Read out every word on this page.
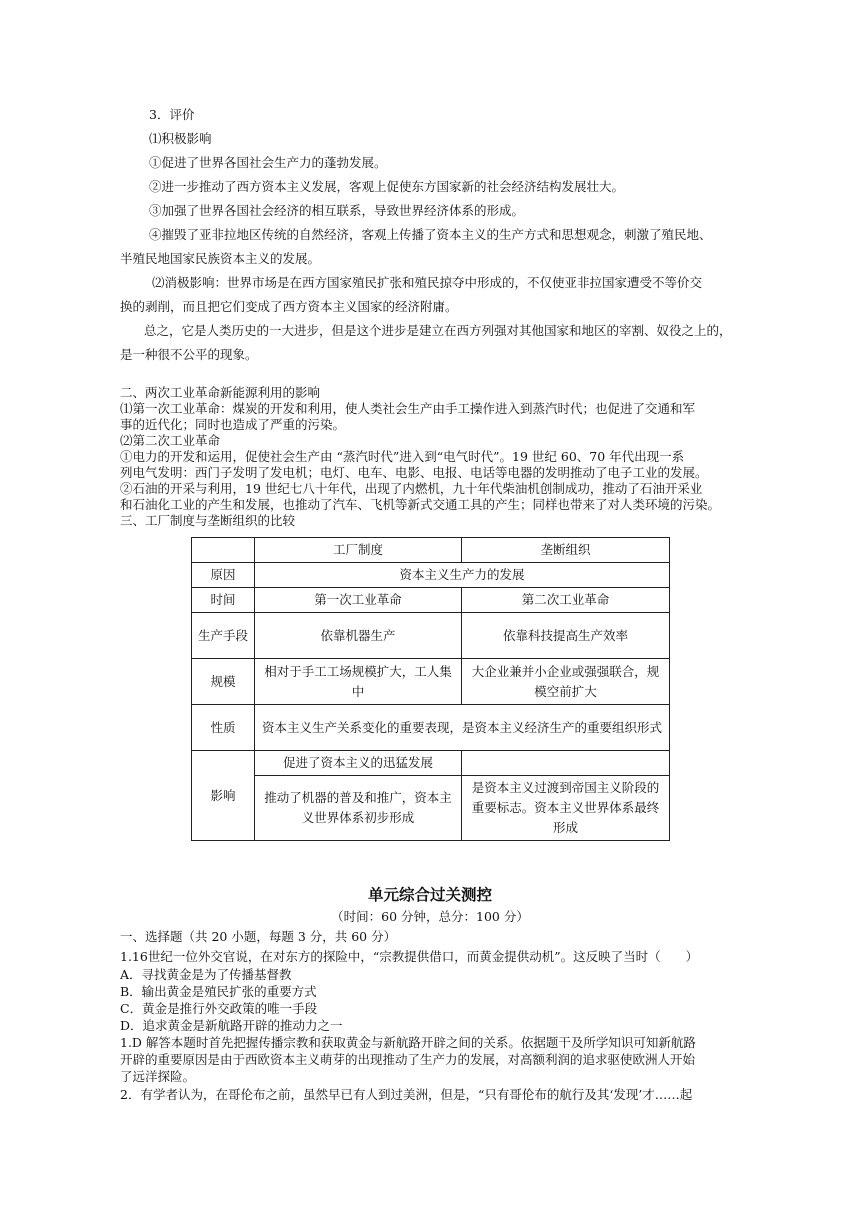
3．评价
⑴积极影响
①促进了世界各国社会生产力的蓬勃发展。
②进一步推动了西方资本主义发展，客观上促使东方国家新的社会经济结构发展壮大。
③加强了世界各国社会经济的相互联系，导致世界经济体系的形成。
④摧毁了亚非拉地区传统的自然经济，客观上传播了资本主义的生产方式和思想观念，刺激了殖民地、
半殖民地国家民族资本主义的发展。
⑵消极影响：世界市场是在西方国家殖民扩张和殖民掠夺中形成的，不仅使亚非拉国家遭受不等价交
换的剥削，而且把它们变成了西方资本主义国家的经济附庸。
总之，它是人类历史的一大进步，但是这个进步是建立在西方列强对其他国家和地区的宰割、奴役之上的，
是一种很不公平的现象。
二、两次工业革命新能源利用的影响
⑴第一次工业革命：煤炭的开发和利用，使人类社会生产由手工操作进入到蒸汽时代；也促进了交通和军
事的近代化；同时也造成了严重的污染。
⑵第二次工业革命
①电力的开发和运用，促使社会生产由 “蒸汽时代”进入到“电气时代”。19 世纪 60、70 年代出现一系
列电气发明：西门子发明了发电机；电灯、电车、电影、电报、电话等电器的发明推动了电子工业的发展。
②石油的开采与利用，19 世纪七八十年代，出现了内燃机，九十年代柴油机创制成功，推动了石油开采业
和石油化工业的产生和发展，也推动了汽车、飞机等新式交通工具的产生；同样也带来了对人类环境的污染。
三、工厂制度与垄断组织的比较
	工厂制度	垄断组织
原因	资本主义生产力的发展	
时间	第一次工业革命	第二次工业革命
生产手段	依靠机器生产	依靠科技提高生产效率
规模	相对于手工工场规模扩大，工人集中	大企业兼并小企业或强强联合，规模空前扩大
性质	资本主义生产关系变化的重要表现，是资本主义经济生产的重要组织形式	
影响	促进了资本主义的迅猛发展	
	推动了机器的普及和推广，资本主义世界体系初步形成	是资本主义过渡到帝国主义阶段的重要标志。资本主义世界体系最终形成
单元综合过关测控
（时间：60 分钟，总分：100 分）
一、选择题（共 20 小题，每题 3 分，共 60 分）
1.16世纪一位外交官说，在对东方的探险中，“宗教提供借口，而黄金提供动机”。这反映了当时（　　）
A．寻找黄金是为了传播基督教
B．输出黄金是殖民扩张的重要方式
C．黄金是推行外交政策的唯一手段
D．追求黄金是新航路开辟的推动力之一
1.D 解答本题时首先把握传播宗教和获取黄金与新航路开辟之间的关系。依据题干及所学知识可知新航路
开辟的重要原因是由于西欧资本主义萌芽的出现推动了生产力的发展，对高额利润的追求驱使欧洲人开始
了远洋探险。
2．有学者认为，在哥伦布之前，虽然早已有人到过美洲，但是，“只有哥伦布的航行及其‘发现’才……起
